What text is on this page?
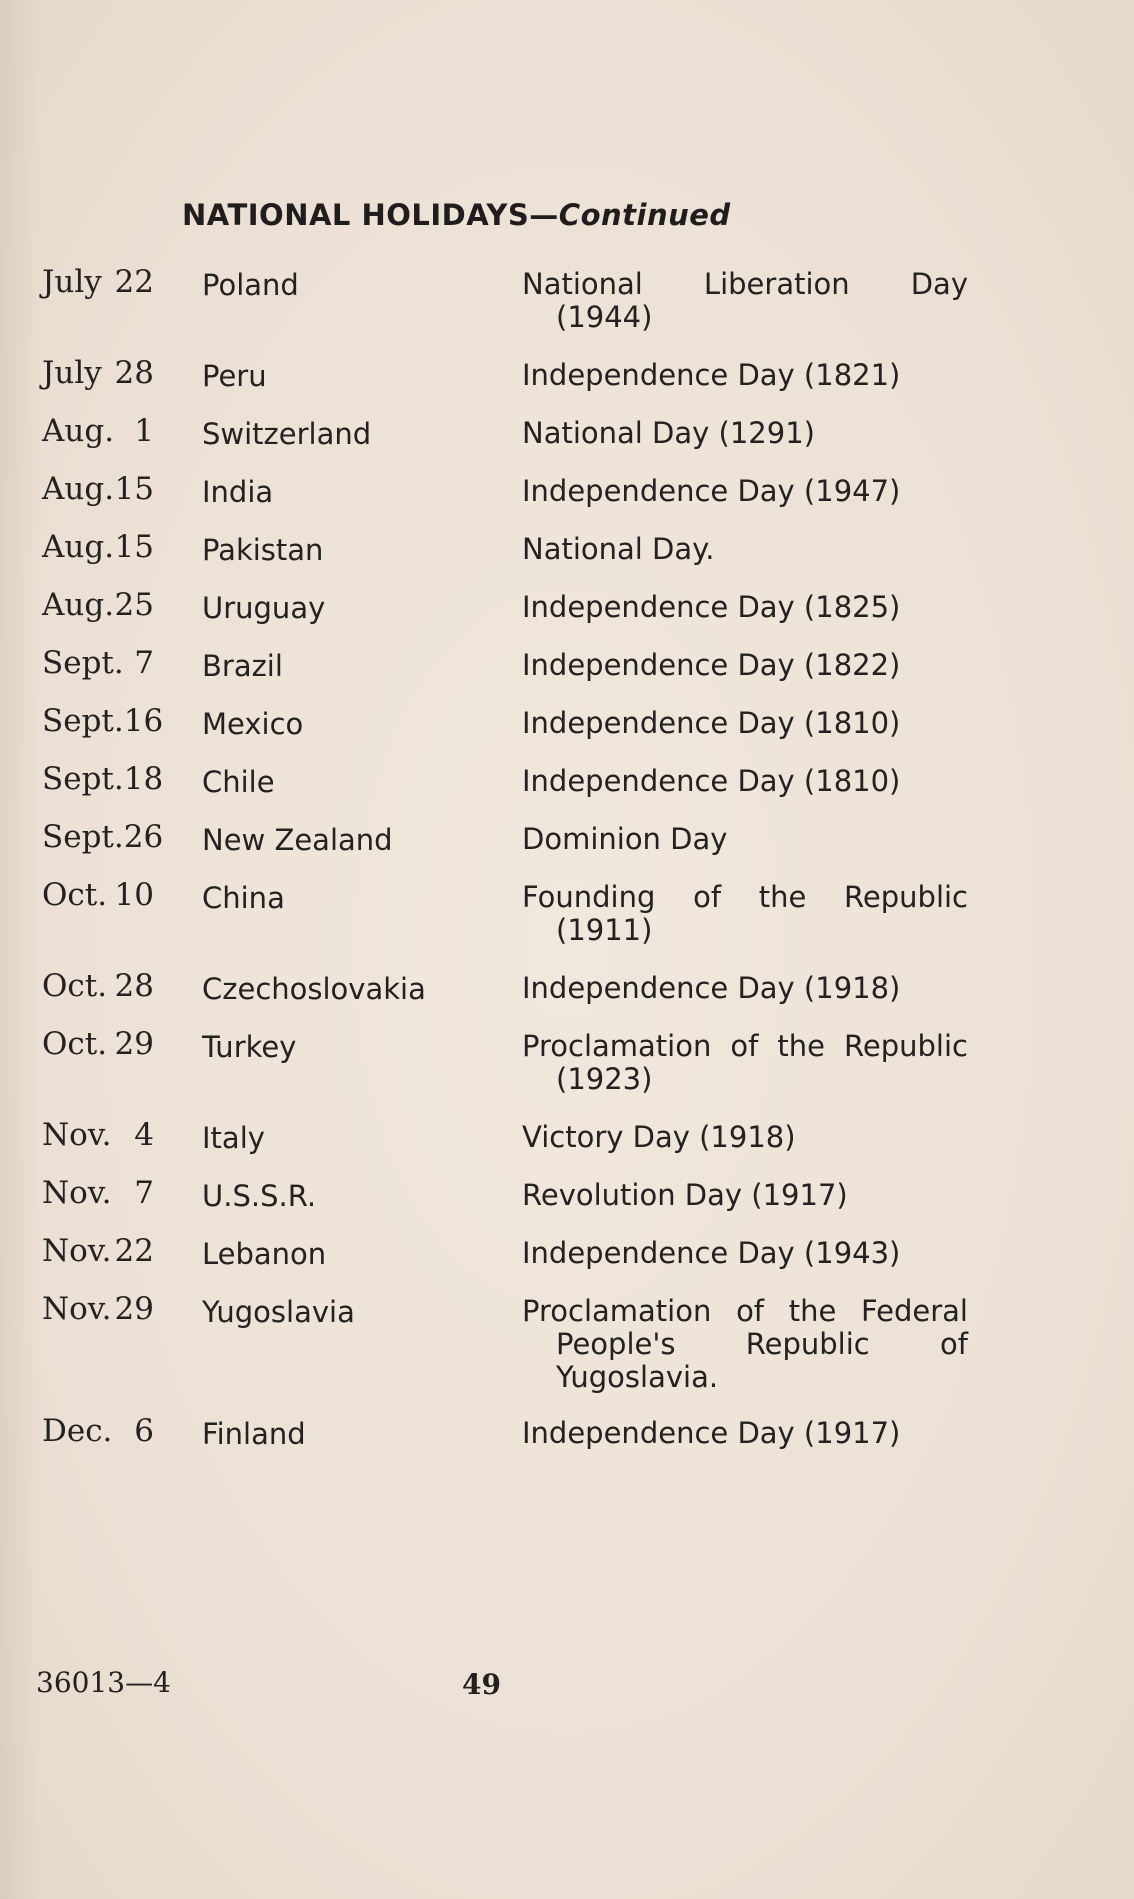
NATIONAL HOLIDAYS—Continued
July 22 Poland	National Liberation Day (1944)
July 28 Peru	Independence Day (1821)
Aug. 1 Switzerland	National Day (1291)
Aug. 15 India	Independence Day (1947)
Aug. 15 Pakistan	National Day.
Aug. 25 Uruguay	Independence Day (1825)
Sept. 7 Brazil	Independence Day (1822)
Sept. 16 Mexico	Independence Day (1810)
Sept. 18 Chile	Independence Day (1810)
Sept. 26 New Zealand	Dominion Day
Oct. 10 China	Founding of the Republic (1911)
Oct. 28 Czechoslovakia	Independence Day (1918)
Oct. 29 Turkey	Proclamation of the Republic (1923)
Nov. 4 Italy	Victory Day (1918)
Nov. 7 U.S.S.R.	Revolution Day (1917)
Nov. 22 Lebanon	Independence Day (1943)
Nov. 29 Yugoslavia	Proclamation of the Federal People's Republic of Yugoslavia.
Dec. 6 Finland	Independence Day (1917)
36013—4	49
